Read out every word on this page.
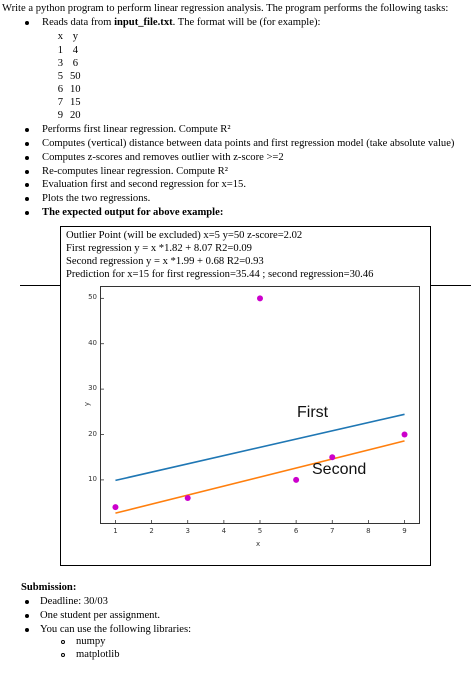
Write a python program to perform linear regression analysis. The program performs the following tasks:
Reads data from input_file.txt. The format will be (for example):
x y
1 4
3 6
5 50
6 10
7 15
9 20
Performs first linear regression. Compute R²
Computes (vertical) distance between data points and first regression model (take absolute value)
Computes z-scores and removes outlier with z-score >=2
Re-computes linear regression. Compute R²
Evaluation first and second regression for x=15.
Plots the two regressions.
The expected output for above example:
Outlier Point (will be excluded) x=5 y=50 z-score=2.02
First regression y = x *1.82 + 8.07 R2=0.09
Second regression y = x *1.99 + 0.68 R2=0.93
Prediction for x=15 for first regression=35.44 ; second regression=30.46
10
20
30
40
50
1	2	3	4	5	6	7	8	9
y
x
First
Second
Submission:
Deadline: 30/03
One student per assignment.
You can use the following libraries:
numpy
matplotlib
